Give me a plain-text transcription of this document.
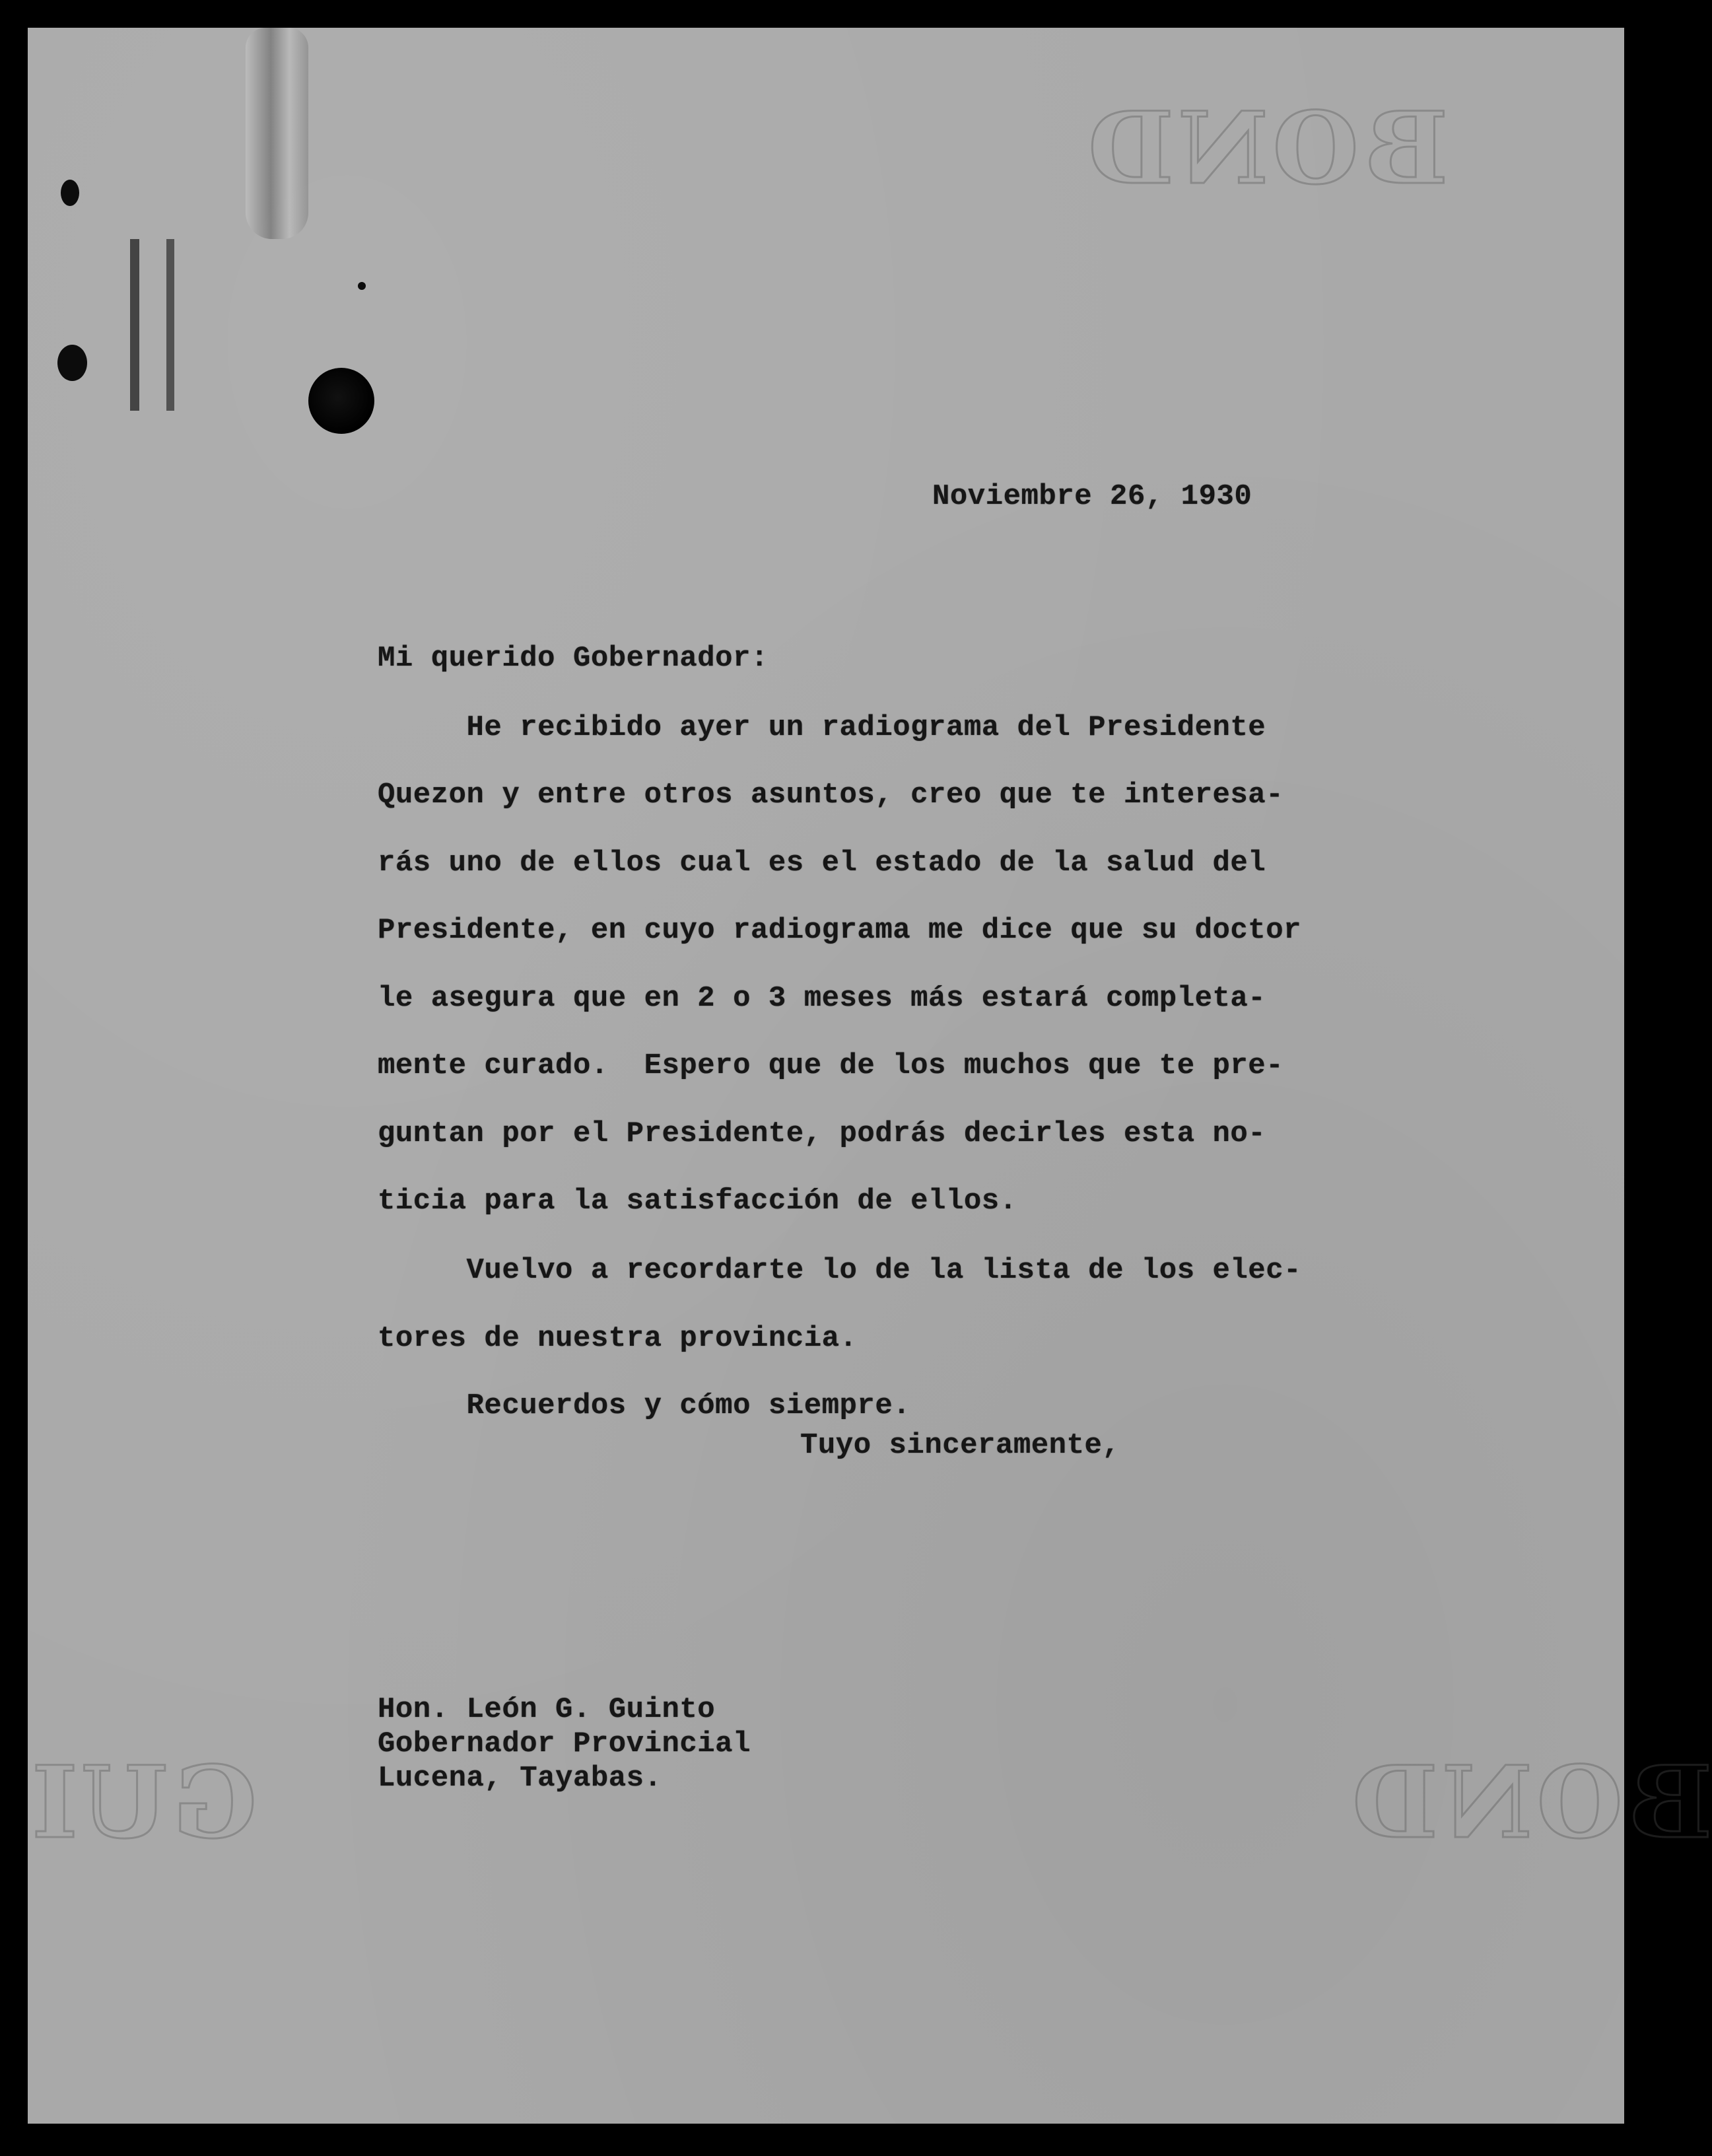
BOND
BOND
GUI

Noviembre 26, 1930

Mi querido Gobernador:

He recibido ayer un radiograma del Presidente

Quezon y entre otros asuntos, creo que te interesa-

rás uno de ellos cual es el estado de la salud del

Presidente, en cuyo radiograma me dice que su doctor

le asegura que en 2 o 3 meses más estará completa-

mente curado.  Espero que de los muchos que te pre-

guntan por el Presidente, podrás decirles esta no-

ticia para la satisfacción de ellos.

Vuelvo a recordarte lo de la lista de los elec-

tores de nuestra provincia.

Recuerdos y cómo siempre.

Tuyo sinceramente,

Hon. León G. Guinto

Gobernador Provincial

Lucena, Tayabas.
